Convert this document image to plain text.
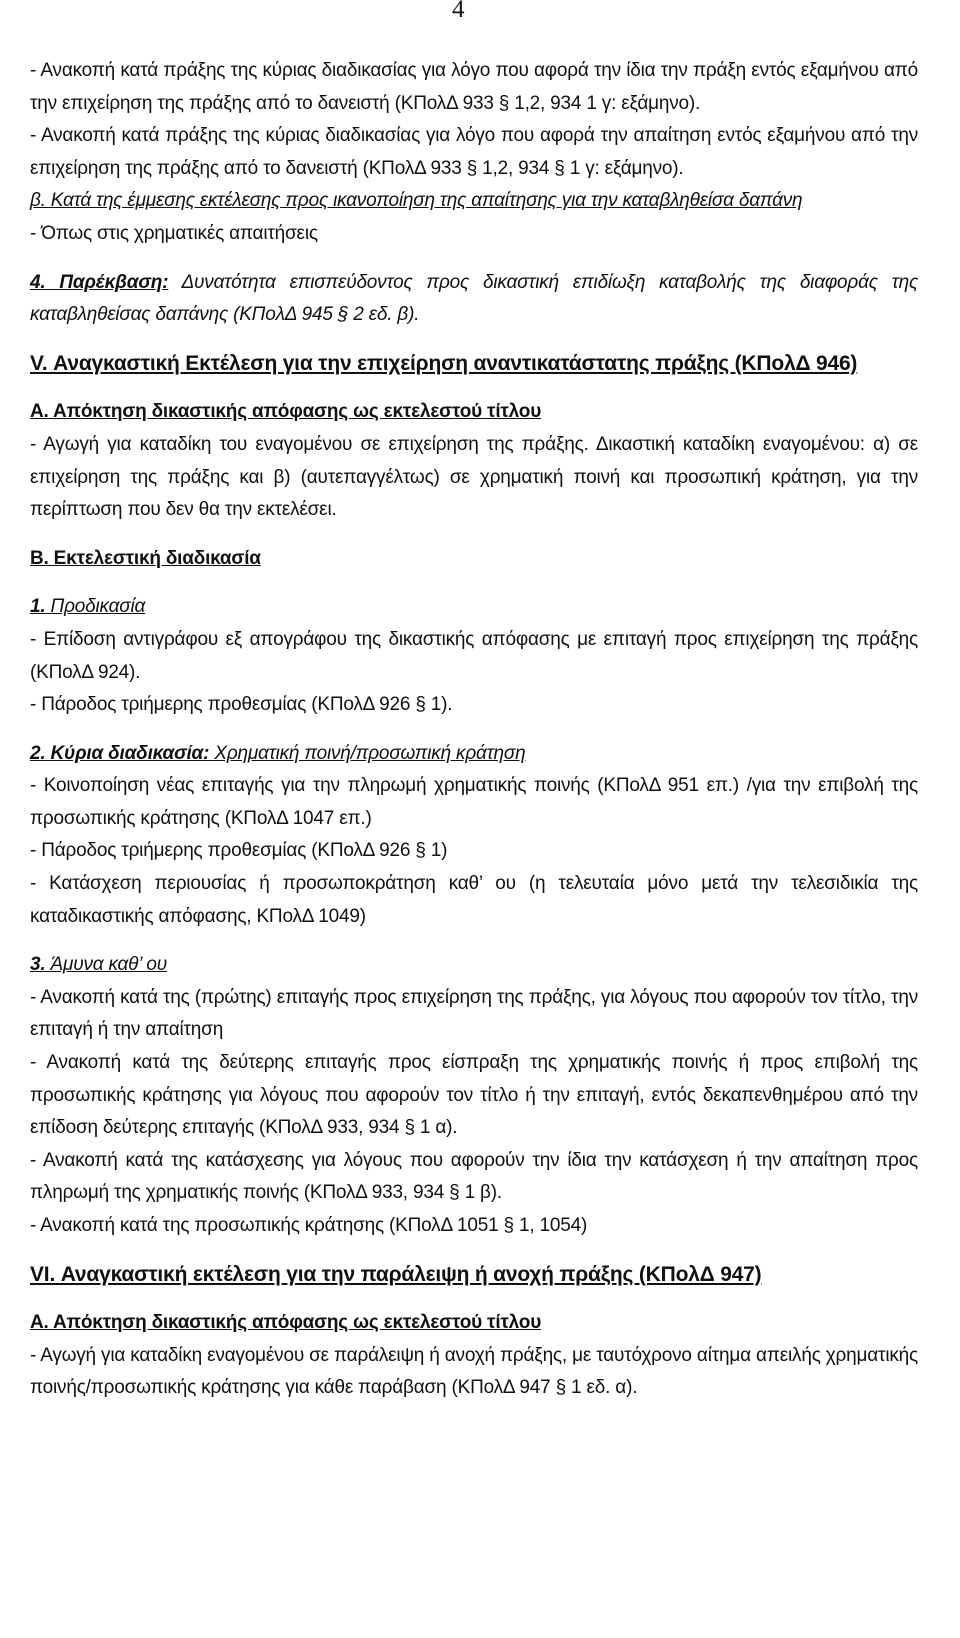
4

- Ανακοπή κατά πράξης της κύριας διαδικασίας για λόγο που αφορά την ίδια την πράξη εντός εξαμήνου από την επιχείρηση της πράξης από το δανειστή (ΚΠολΔ 933 § 1,2, 934 1 γ: εξάμηνο).

- Ανακοπή κατά πράξης της κύριας διαδικασίας για λόγο που αφορά την απαίτηση εντός εξαμήνου από την επιχείρηση της πράξης από το δανειστή (ΚΠολΔ 933 § 1,2, 934 § 1 γ: εξάμηνο).

β. Κατά της έμμεσης εκτέλεσης προς ικανοποίηση της απαίτησης για την καταβληθείσα δαπάνη

- Όπως στις χρηματικές απαιτήσεις

4. Παρέκβαση: Δυνατότητα επισπεύδοντος προς δικαστική επιδίωξη καταβολής της διαφοράς της καταβληθείσας δαπάνης (ΚΠολΔ 945 § 2 εδ. β).

V. Αναγκαστική Εκτέλεση για την επιχείρηση αναντικατάστατης πράξης (ΚΠολΔ 946)

Α. Απόκτηση δικαστικής απόφασης ως εκτελεστού τίτλου

- Αγωγή για καταδίκη του εναγομένου σε επιχείρηση της πράξης. Δικαστική καταδίκη εναγομένου: α) σε επιχείρηση της πράξης και β) (αυτεπαγγέλτως) σε χρηματική ποινή και προσωπική κράτηση, για την περίπτωση που δεν θα την εκτελέσει.

Β. Εκτελεστική διαδικασία

1. Προδικασία

- Επίδοση αντιγράφου εξ απογράφου της δικαστικής απόφασης με επιταγή προς επιχείρηση της πράξης (ΚΠολΔ 924).

- Πάροδος τριήμερης προθεσμίας (ΚΠολΔ 926 § 1).

2. Κύρια διαδικασία: Χρηματική ποινή/προσωπική κράτηση

- Κοινοποίηση νέας επιταγής για την πληρωμή χρηματικής ποινής (ΚΠολΔ 951 επ.) /για την επιβολή της προσωπικής κράτησης (ΚΠολΔ 1047 επ.)

- Πάροδος τριήμερης προθεσμίας (ΚΠολΔ 926 § 1)

- Κατάσχεση περιουσίας ή προσωποκράτηση καθ’ ου (η τελευταία μόνο μετά την τελεσιδικία της καταδικαστικής απόφασης, ΚΠολΔ 1049)

3. Άμυνα καθ’ ου

- Ανακοπή κατά της (πρώτης) επιταγής προς επιχείρηση της πράξης, για λόγους που αφορούν τον τίτλο, την επιταγή ή την απαίτηση

- Ανακοπή κατά της δεύτερης επιταγής προς είσπραξη της χρηματικής ποινής ή προς επιβολή της προσωπικής κράτησης για λόγους που αφορούν τον τίτλο ή την επιταγή, εντός δεκαπενθημέρου από την επίδοση δεύτερης επιταγής (ΚΠολΔ 933, 934 § 1 α).

- Ανακοπή κατά της κατάσχεσης για λόγους που αφορούν την ίδια την κατάσχεση ή την απαίτηση προς πληρωμή της χρηματικής ποινής (ΚΠολΔ 933, 934 § 1 β).

- Ανακοπή κατά της προσωπικής κράτησης (ΚΠολΔ 1051 § 1, 1054)

VI. Αναγκαστική εκτέλεση για την παράλειψη ή ανοχή πράξης (ΚΠολΔ 947)

Α. Απόκτηση δικαστικής απόφασης ως εκτελεστού τίτλου

- Αγωγή για καταδίκη εναγομένου σε παράλειψη ή ανοχή πράξης, με ταυτόχρονο αίτημα απειλής χρηματικής ποινής/προσωπικής κράτησης για κάθε παράβαση (ΚΠολΔ 947 § 1 εδ. α).
